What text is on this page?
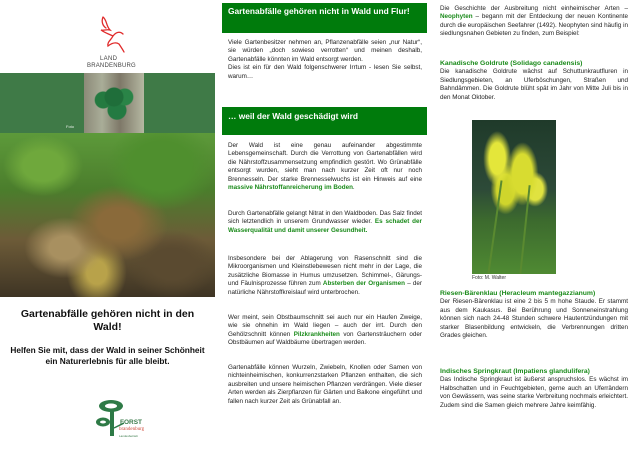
LAND
BRANDENBURG
Foto
Gartenabfälle gehören nicht in den Wald!
Helfen Sie mit, dass der Wald in seiner Schönheit ein Naturerlebnis für alle bleibt.
FORST
brandenburg
Landesbetrieb
Gartenabfälle gehören nicht in Wald und Flur!
Viele Gartenbesitzer nehmen an, Pflanzenabfälle seien „nur Natur“, sie würden „doch sowieso verrotten“ und meinen deshalb, Gartenabfälle könnten im Wald entsorgt werden.
Dies ist ein für den Wald folgenschwerer Irrtum - lesen Sie selbst, warum…
… weil der Wald geschädigt wird
Der Wald ist eine genau aufeinander abgestimmte Lebensgemeinschaft. Durch die Verrottung von Gartenabfällen wird die Nährstoffzusammensetzung empfindlich gestört. Wo Grünabfälle entsorgt wurden, sieht man nach kurzer Zeit oft nur noch Brennesseln. Der starke Brennesselwuchs ist ein Hinweis auf eine massive Nährstoffanreicherung im Boden.
Durch Gartenabfälle gelangt Nitrat in den Waldboden. Das Salz findet sich letztendlich in unserem Grundwasser wieder. Es schadet der Wasserqualität und damit unserer Gesundheit.
Insbesondere bei der Ablagerung von Rasenschnitt sind die Mikroorganismen und Kleinstlebewesen nicht mehr in der Lage, die zusätzliche Biomasse in Humus umzusetzen. Schimmel-, Gärungs- und Fäulnisprozesse führen zum Absterben der Organismen – der natürliche Nährstoffkreislauf wird unterbrochen.
Wer meint, sein Obstbaumschnitt sei auch nur ein Haufen Zweige, wie sie ohnehin im Wald liegen – auch der irrt. Durch den Gehölzschnitt können Pilzkrankheiten von Gartensträuchern oder Obstbäumen auf Waldbäume übertragen werden.
Gartenabfälle können Wurzeln, Zwiebeln, Knollen oder Samen von nichteinheimischen, konkurrenzstarken Pflanzen enthalten, die sich ausbreiten und unsere heimischen Pflanzen verdrängen. Viele dieser Arten werden als Zierpflanzen für Gärten und Balkone eingeführt und fallen nach kurzer Zeit als Grünabfall an.
Die Geschichte der Ausbreitung nicht einheimischer Arten – Neophyten – begann mit der Entdeckung der neuen Kontinente durch die europäischen Seefahrer (1492). Neophyten sind häufig in siedlungsnahen Gebieten zu finden, zum Beispiel:
Kanadische Goldrute (Solidago canadensis)
Die kanadische Goldrute wächst auf Schuttunkrautfluren in Siedlungsgebieten, an Uferböschungen, Straßen und Bahndämmen. Die Goldrute blüht spät im Jahr von Mitte Juli bis in den Monat Oktober.
Riesen-Bärenklau (Heracleum mantegazzianum)
Der Riesen-Bärenklau ist eine 2 bis 5 m hohe Staude. Er stammt aus dem Kaukasus. Bei Berührung und Sonneneinstrahlung können sich nach 24-48 Stunden schwere Hautentzündungen mit starker Blasenbildung entwickeln, die Verbrennungen dritten Grades gleichen.
Indisches Springkraut (Impatiens glandulifera)
Das Indische Springkraut ist äußerst anspruchslos. Es wächst im Halbschatten und in Feuchtgebieten, gerne auch an Uferrändern von Gewässern, was seine starke Verbreitung nochmals erleichtert. Zudem sind die Samen gleich mehrere Jahre keimfähig.
Foto: M. Walter
